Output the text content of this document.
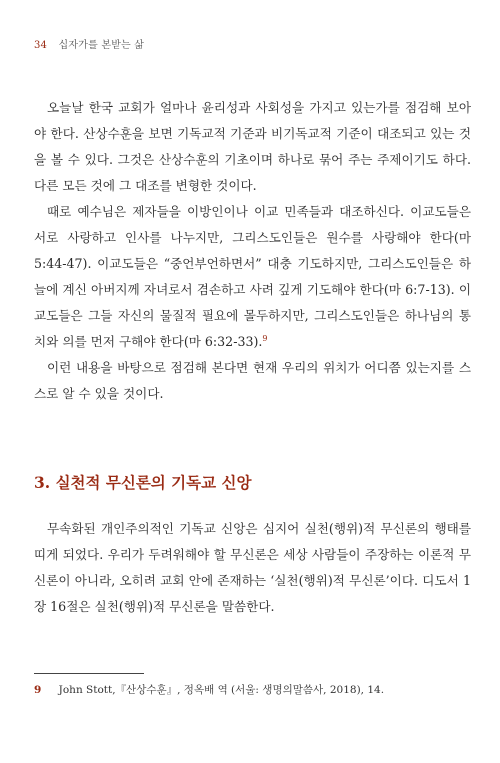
34 십자가를 본받는 삶

오늘날 한국 교회가 얼마나 윤리성과 사회성을 가지고 있는가를 점검해 보아야 한다. 산상수훈을 보면 기독교적 기준과 비기독교적 기준이 대조되고 있는 것을 볼 수 있다. 그것은 산상수훈의 기초이며 하나로 묶어 주는 주제이기도 하다. 다른 모든 것에 그 대조를 변형한 것이다.

때로 예수님은 제자들을 이방인이나 이교 민족들과 대조하신다. 이교도들은 서로 사랑하고 인사를 나누지만, 그리스도인들은 원수를 사랑해야 한다(마 5:44-47). 이교도들은 “중언부언하면서” 대충 기도하지만, 그리스도인들은 하늘에 계신 아버지께 자녀로서 겸손하고 사려 깊게 기도해야 한다(마 6:7-13). 이교도들은 그들 자신의 물질적 필요에 몰두하지만, 그리스도인들은 하나님의 통치와 의를 먼저 구해야 한다(마 6:32-33).$^9$

이런 내용을 바탕으로 점검해 본다면 현재 우리의 위치가 어디쯤 있는지를 스스로 알 수 있을 것이다.

3. 실천적 무신론의 기독교 신앙

무속화된 개인주의적인 기독교 신앙은 심지어 실천(행위)적 무신론의 행태를 띠게 되었다. 우리가 두려워해야 할 무신론은 세상 사람들이 주장하는 이론적 무신론이 아니라, 오히려 교회 안에 존재하는 ‘실천(행위)적 무신론’이다. 디도서 1장 16절은 실천(행위)적 무신론을 말씀한다.

9 John Stott,『산상수훈』, 정옥배 역 (서울: 생명의말씀사, 2018), 14.
